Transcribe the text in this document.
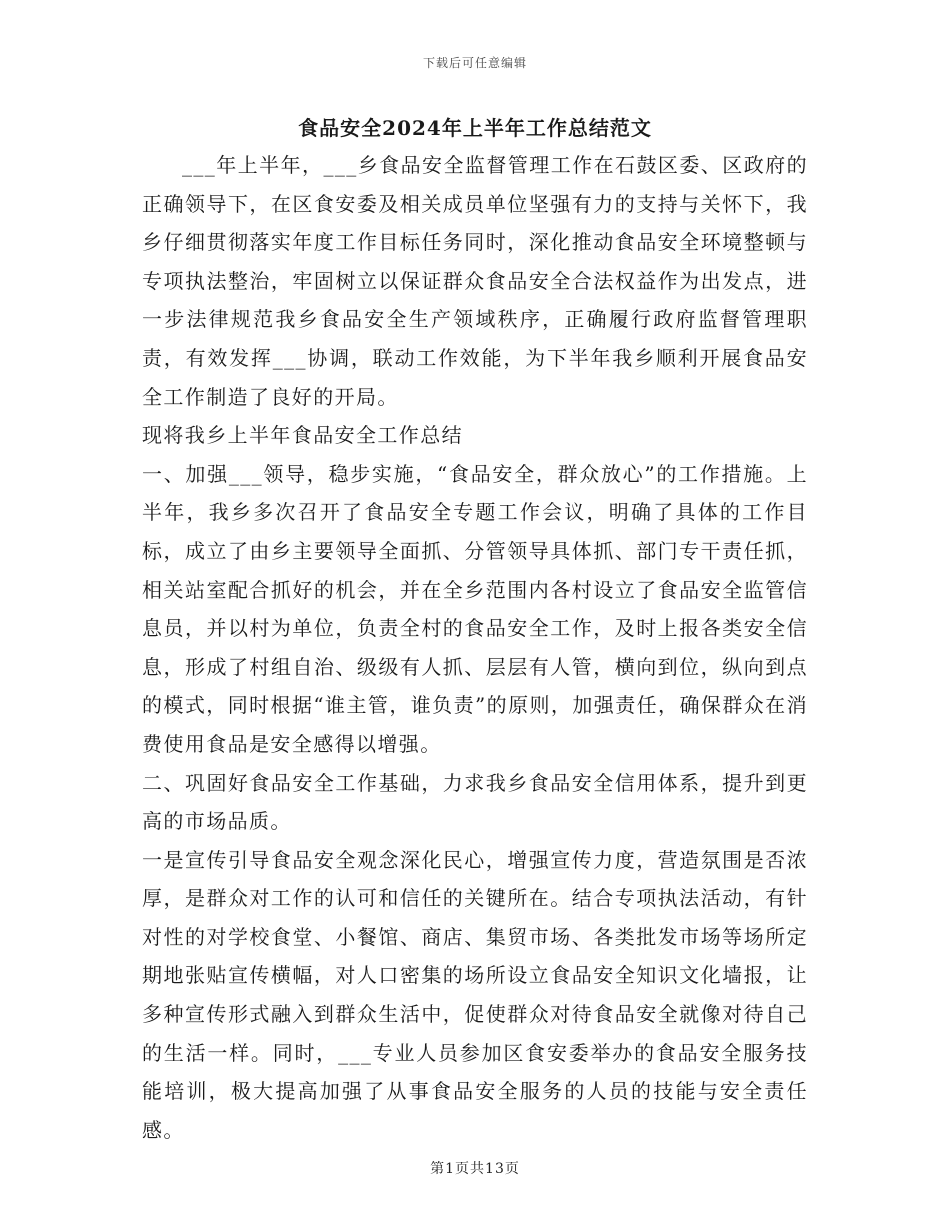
下载后可任意编辑
食品安全2024年上半年工作总结范文

___年上半年，___乡食品安全监督管理工作在石鼓区委、区政府的正确领导下，在区食安委及相关成员单位坚强有力的支持与关怀下，我乡仔细贯彻落实年度工作目标任务同时，深化推动食品安全环境整顿与专项执法整治，牢固树立以保证群众食品安全合法权益作为出发点，进一步法律规范我乡食品安全生产领域秩序，正确履行政府监督管理职责，有效发挥___协调，联动工作效能，为下半年我乡顺利开展食品安全工作制造了良好的开局。

现将我乡上半年食品安全工作总结

一、加强___领导，稳步实施，“食品安全，群众放心”的工作措施。上半年，我乡多次召开了食品安全专题工作会议，明确了具体的工作目标，成立了由乡主要领导全面抓、分管领导具体抓、部门专干责任抓，相关站室配合抓好的机会，并在全乡范围内各村设立了食品安全监管信息员，并以村为单位，负责全村的食品安全工作，及时上报各类安全信息，形成了村组自治、级级有人抓、层层有人管，横向到位，纵向到点的模式，同时根据“谁主管，谁负责”的原则，加强责任，确保群众在消费使用食品是安全感得以增强。

二、巩固好食品安全工作基础，力求我乡食品安全信用体系，提升到更高的市场品质。

一是宣传引导食品安全观念深化民心，增强宣传力度，营造氛围是否浓厚，是群众对工作的认可和信任的关键所在。结合专项执法活动，有针对性的对学校食堂、小餐馆、商店、集贸市场、各类批发市场等场所定期地张贴宣传横幅，对人口密集的场所设立食品安全知识文化墙报，让多种宣传形式融入到群众生活中，促使群众对待食品安全就像对待自己的生活一样。同时，___专业人员参加区食安委举办的食品安全服务技能培训，极大提高加强了从事食品安全服务的人员的技能与安全责任感。

第1页共13页
